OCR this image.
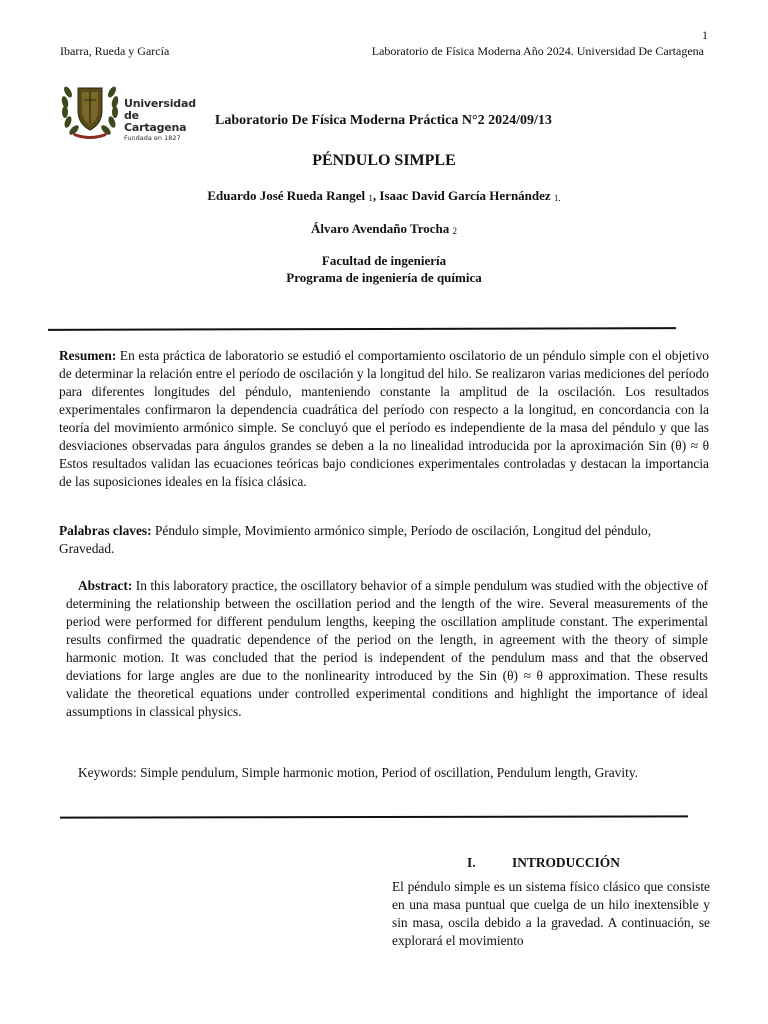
1
Ibarra, Rueda y García	Laboratorio de Física Moderna Año 2024. Universidad De Cartagena
Universidad
de Cartagena
Fundada en 1827
Laboratorio De Física Moderna Práctica N°2 2024/09/13
PÉNDULO SIMPLE
Eduardo José Rueda Rangel 1, Isaac David García Hernández 1.
Álvaro Avendaño Trocha 2
Facultad de ingeniería
Programa de ingeniería de química

Resumen: En esta práctica de laboratorio se estudió el comportamiento oscilatorio de un péndulo simple con el objetivo de determinar la relación entre el período de oscilación y la longitud del hilo. Se realizaron varias mediciones del período para diferentes longitudes del péndulo, manteniendo constante la amplitud de la oscilación. Los resultados experimentales confirmaron la dependencia cuadrática del período con respecto a la longitud, en concordancia con la teoría del movimiento armónico simple. Se concluyó que el período es independiente de la masa del péndulo y que las desviaciones observadas para ángulos grandes se deben a la no linealidad introducida por la aproximación Sin (θ) ≈ θ Estos resultados validan las ecuaciones teóricas bajo condiciones experimentales controladas y destacan la importancia de las suposiciones ideales en la física clásica.

Palabras claves: Péndulo simple, Movimiento armónico simple, Período de oscilación, Longitud del péndulo, Gravedad.

Abstract: In this laboratory practice, the oscillatory behavior of a simple pendulum was studied with the objective of determining the relationship between the oscillation period and the length of the wire. Several measurements of the period were performed for different pendulum lengths, keeping the oscillation amplitude constant. The experimental results confirmed the quadratic dependence of the period on the length, in agreement with the theory of simple harmonic motion. It was concluded that the period is independent of the pendulum mass and that the observed deviations for large angles are due to the nonlinearity introduced by the Sin (θ) ≈ θ approximation. These results validate the theoretical equations under controlled experimental conditions and highlight the importance of ideal assumptions in classical physics.

Keywords: Simple pendulum, Simple harmonic motion, Period of oscillation, Pendulum length, Gravity.

I.	INTRODUCCIÓN

El péndulo simple es un sistema físico clásico que consiste en una masa puntual que cuelga de un hilo inextensible y sin masa, oscila debido a la gravedad. A continuación, se explorará el movimiento
